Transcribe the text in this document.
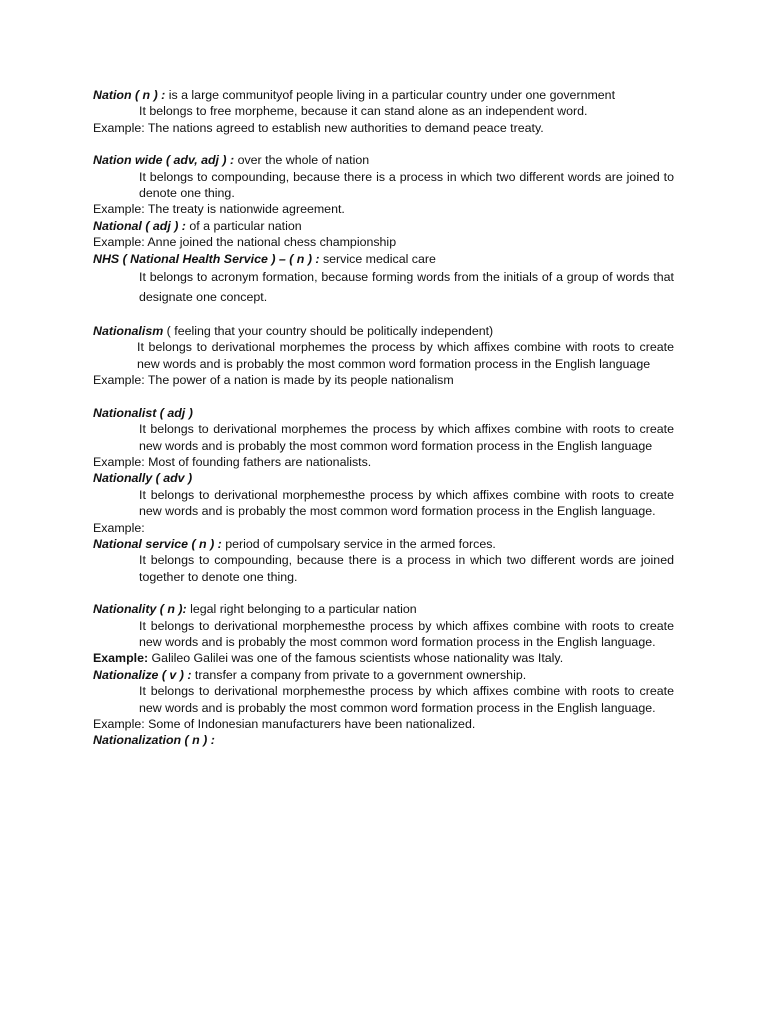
Nation ( n ) : is a large communityof people living in a particular country under one government
It belongs to free morpheme, because it can stand alone as an independent word.
Example: The nations agreed to establish new authorities to demand peace treaty.
Nation wide ( adv, adj ) : over the whole of nation
It belongs to compounding, because there is a process in which two different words are joined to denote one thing.
Example: The treaty is nationwide agreement.
National ( adj ) : of a particular nation
Example: Anne joined the national chess championship
NHS ( National Health Service ) – ( n ) : service medical care
It belongs to acronym formation, because forming words from the initials of a group of words that designate one concept.
Nationalism ( feeling that your country should be politically independent)
It belongs to derivational morphemes the process by which affixes combine with roots to create new words and is probably the most common word formation process in the English language
Example: The power of a nation is made by its people nationalism
Nationalist ( adj )
It belongs to derivational morphemes the process by which affixes combine with roots to create new words and is probably the most common word formation process in the English language
Example: Most of founding fathers are nationalists.
Nationally ( adv )
It belongs to derivational morphemesthe process by which affixes combine with roots to create new words and is probably the most common word formation process in the English language.
Example:
National service ( n ) : period of cumpolsary service in the armed forces.
It belongs to compounding, because there is a process in which two different words are joined together to denote one thing.
Nationality ( n ): legal right belonging to a particular nation
It belongs to derivational morphemesthe process by which affixes combine with roots to create new words and is probably the most common word formation process in the English language.
Example: Galileo Galilei was one of the famous scientists whose nationality was Italy.
Nationalize ( v ) : transfer a company from private to a government ownership.
It belongs to derivational morphemesthe process by which affixes combine with roots to create new words and is probably the most common word formation process in the English language.
Example: Some of Indonesian manufacturers have been nationalized.
Nationalization ( n ) :
